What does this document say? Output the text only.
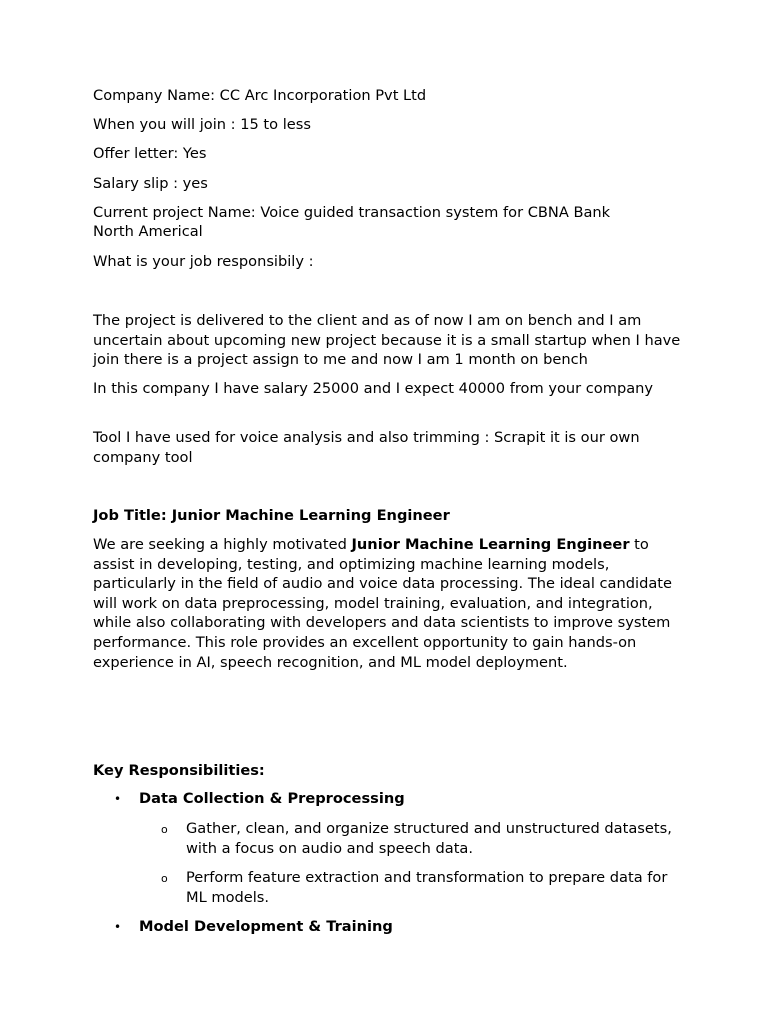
Company Name: CC Arc Incorporation Pvt Ltd

When you will join : 15 to less

Offer letter: Yes

Salary slip : yes

Current project Name: Voice guided transaction system for CBNA Bank

North Americal

What is your job responsibily :

The project is delivered to the client and as of now I am on bench and I am uncertain about upcoming new project because it is a small startup when I have join there is a project assign to me and now I am 1 month on bench

In this company I have salary 25000 and I expect 40000 from your company

Tool I have used for voice analysis and also trimming : Scrapit it is our own company tool

Job Title: Junior Machine Learning Engineer

We are seeking a highly motivated Junior Machine Learning Engineer to assist in developing, testing, and optimizing machine learning models, particularly in the field of audio and voice data processing. The ideal candidate will work on data preprocessing, model training, evaluation, and integration, while also collaborating with developers and data scientists to improve system performance. This role provides an excellent opportunity to gain hands-on experience in AI, speech recognition, and ML model deployment.

Key Responsibilities:

• Data Collection & Preprocessing

o	Gather, clean, and organize structured and unstructured datasets, with a focus on audio and speech data.

o	Perform feature extraction and transformation to prepare data for ML models.

• Model Development & Training
